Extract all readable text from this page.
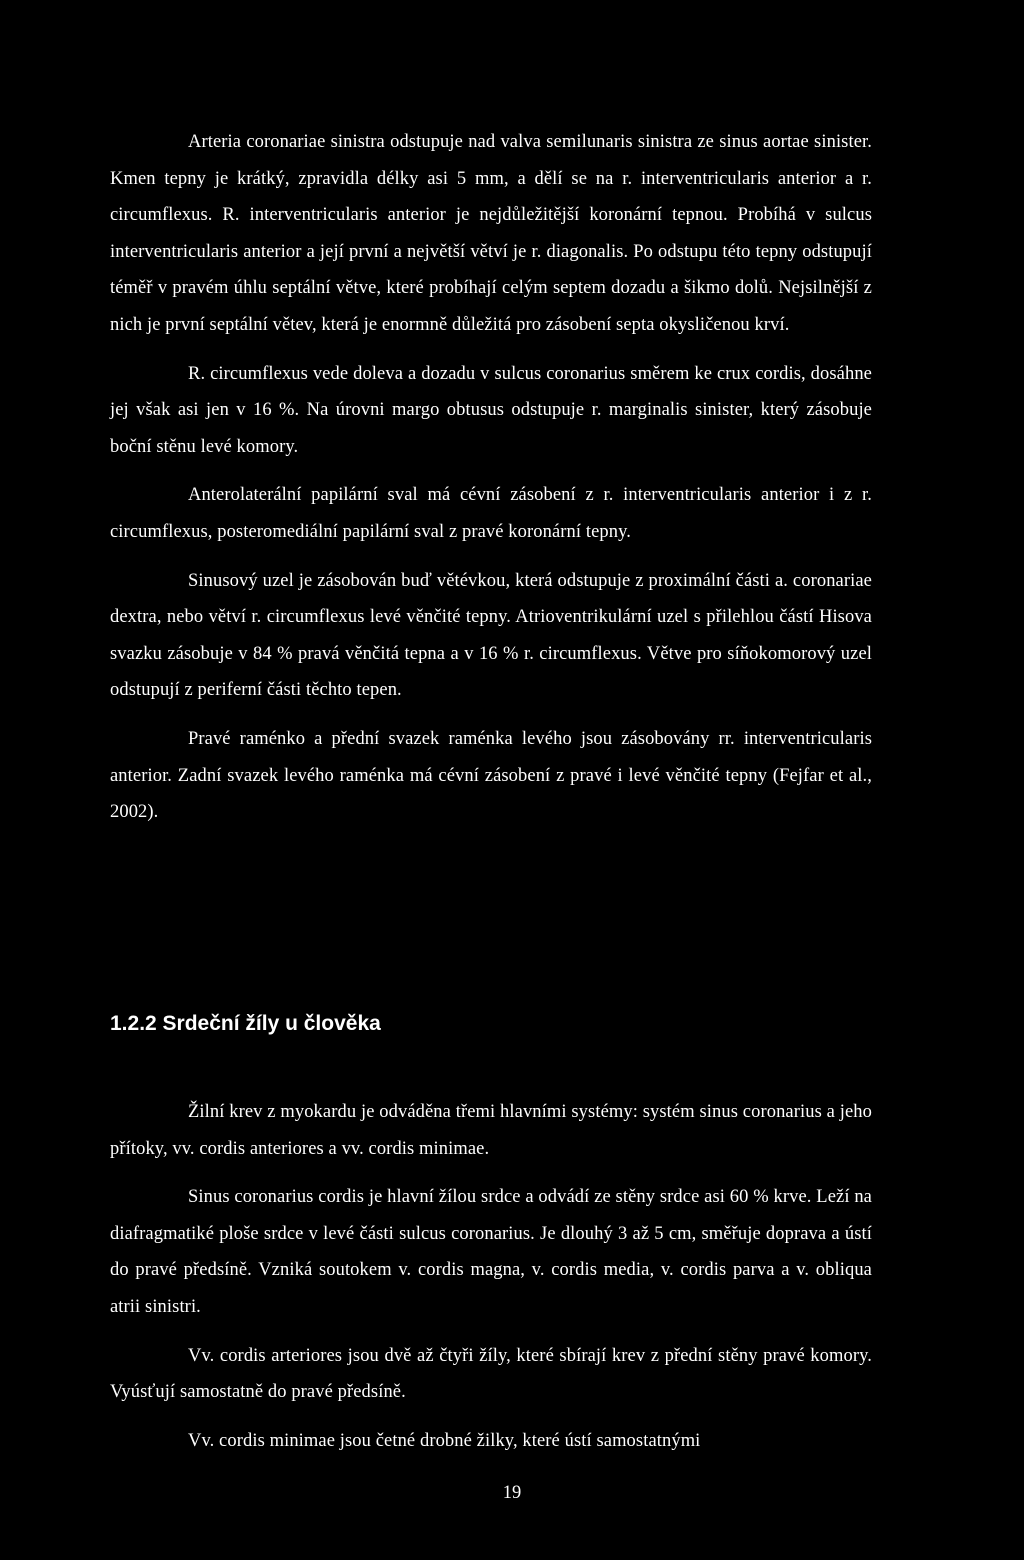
Arteria coronariae sinistra odstupuje nad valva semilunaris sinistra ze sinus aortae sinister. Kmen tepny je krátký, zpravidla délky asi 5 mm, a dělí se na r. interventricularis anterior a r. circumflexus. R. interventricularis anterior je nejdůležitější koronární tepnou. Probíhá v sulcus interventricularis anterior a její první a největší větví je r. diagonalis. Po odstupu této tepny odstupují téměř v pravém úhlu septální větve, které probíhají celým septem dozadu a šikmo dolů. Nejsilnější z nich je první septální větev, která je enormně důležitá pro zásobení septa okysličenou krví.

R. circumflexus vede doleva a dozadu v sulcus coronarius směrem ke crux cordis, dosáhne jej však asi jen v 16 %. Na úrovni margo obtusus odstupuje r. marginalis sinister, který zásobuje boční stěnu levé komory.

Anterolaterální papilární sval má cévní zásobení z r. interventricularis anterior i z r. circumflexus, posteromediální papilární sval z pravé koronární tepny.

Sinusový uzel je zásobován buď větévkou, která odstupuje z proximální části a. coronariae dextra, nebo větví r. circumflexus levé věnčité tepny. Atrioventrikulární uzel s přilehlou částí Hisova svazku zásobuje v 84 % pravá věnčitá tepna a v 16 % r. circumflexus. Větve pro síňokomorový uzel odstupují z periferní části těchto tepen.

Pravé raménko a přední svazek raménka levého jsou zásobovány rr. interventricularis anterior. Zadní svazek levého raménka má cévní zásobení z pravé i levé věnčité tepny (Fejfar et al., 2002).

1.2.2 Srdeční žíly u člověka

Žilní krev z myokardu je odváděna třemi hlavními systémy: systém sinus coronarius a jeho přítoky, vv. cordis anteriores a vv. cordis minimae.

Sinus coronarius cordis je hlavní žílou srdce a odvádí ze stěny srdce asi 60 % krve. Leží na diafragmatiké ploše srdce v levé části sulcus coronarius. Je dlouhý 3 až 5 cm, směřuje doprava a ústí do pravé předsíně. Vzniká soutokem v. cordis magna, v. cordis media, v. cordis parva a v. obliqua atrii sinistri.

Vv. cordis arteriores jsou dvě až čtyři žíly, které sbírají krev z přední stěny pravé komory. Vyúsťují samostatně do pravé předsíně.

Vv. cordis minimae jsou četné drobné žilky, které ústí samostatnými

19
